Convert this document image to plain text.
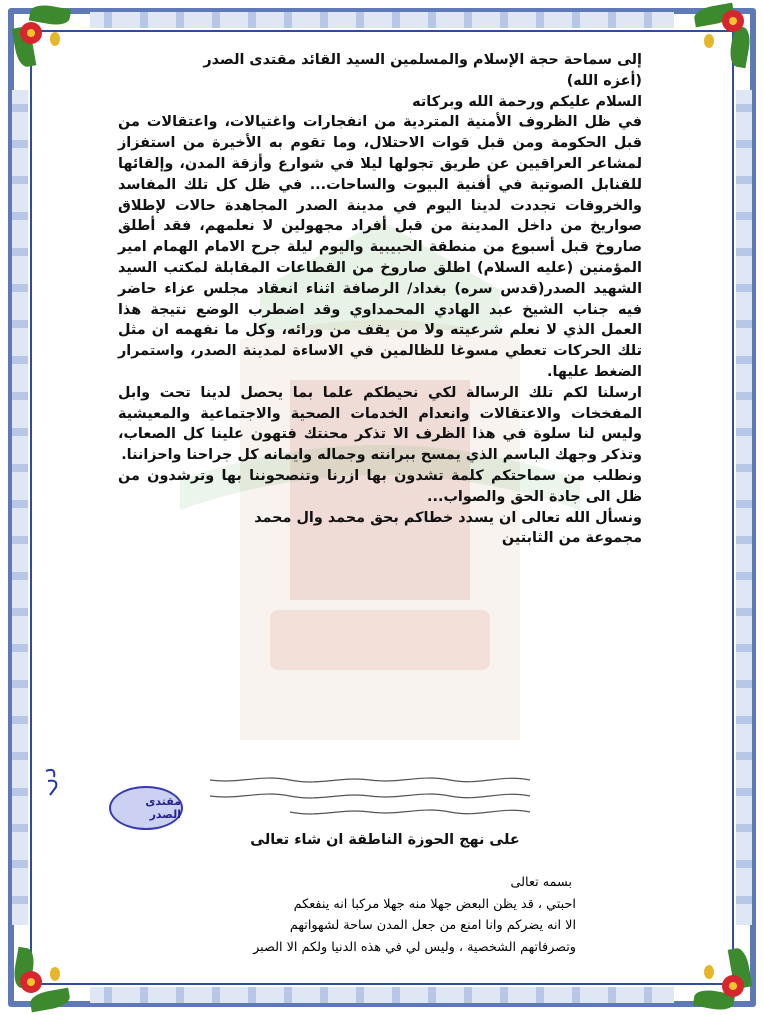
إلى سماحة حجة الإسلام والمسلمين السيد القائد مقتدى الصدر

(أعزه الله)

السلام عليكم ورحمة الله وبركاته

في ظل الظروف الأمنية المتردية من انفجارات واغتيالات، واعتقالات من قبل الحكومة ومن قبل قوات الاحتلال، وما تقوم به الأخيرة من استفزاز لمشاعر العراقيين عن طريق تجولها ليلا في شوارع وأزقة المدن، وإلقائها للقنابل الصوتية في أفنية البيوت والساحات... في ظل كل تلك المفاسد والخروقات تجددت لدينا اليوم في مدينة الصدر المجاهدة حالات لإطلاق صواريخ من داخل المدينة من قبل أفراد مجهولين لا نعلمهم، فقد أطلق صاروخ قبل أسبوع من منطقة الحبيبية واليوم ليلة جرح الامام الهمام امير المؤمنين (عليه السلام) اطلق صاروخ من القطاعات المقابلة لمكتب السيد الشهيد الصدر(قدس سره) بغداد/ الرصافة اثناء انعقاد مجلس عزاء حاضر فيه جناب الشيخ عبد الهادي المحمداوي وقد اضطرب الوضع نتيجة هذا العمل الذي لا نعلم شرعيته ولا من يقف من ورائه، وكل ما نفهمه ان مثل تلك الحركات تعطي مسوغا للظالمين في الاساءة لمدينة الصدر، واستمرار الضغط عليها.

ارسلنا لكم تلك الرسالة لكي نحيطكم علما بما يحصل لدينا تحت وابل المفخخات والاعتقالات وانعدام الخدمات الصحية والاجتماعية والمعيشية وليس لنا سلوة في هذا الظرف الا تذكر محنتك فتهون علينا كل الصعاب، وتذكر وجهك الباسم الذي يمسح ببرانته وجماله وايمانه كل جراحنا واحزاننا.

ونطلب من سماحتكم كلمة تشدون بها ازرنا وتنصحوننا بها وترشدون من ظل الى جادة الحق والصواب...

ونسأل الله تعالى ان يسدد خطاكم بحق محمد وال محمد

مجموعة من الثابتين

مقتدى الصدر
على نهج الحوزة الناطقة ان شاء تعالى
بسمه تعالى
احبتي ، قد يظن البعض جهلا منه جهلا مركبا انه ينفعكم
الا انه يضركم وانا امنع من جعل المدن ساحة لشهواتهم
وتصرفاتهم الشخصية ، وليس لي في هذه الدنيا ولكم الا الصبر
